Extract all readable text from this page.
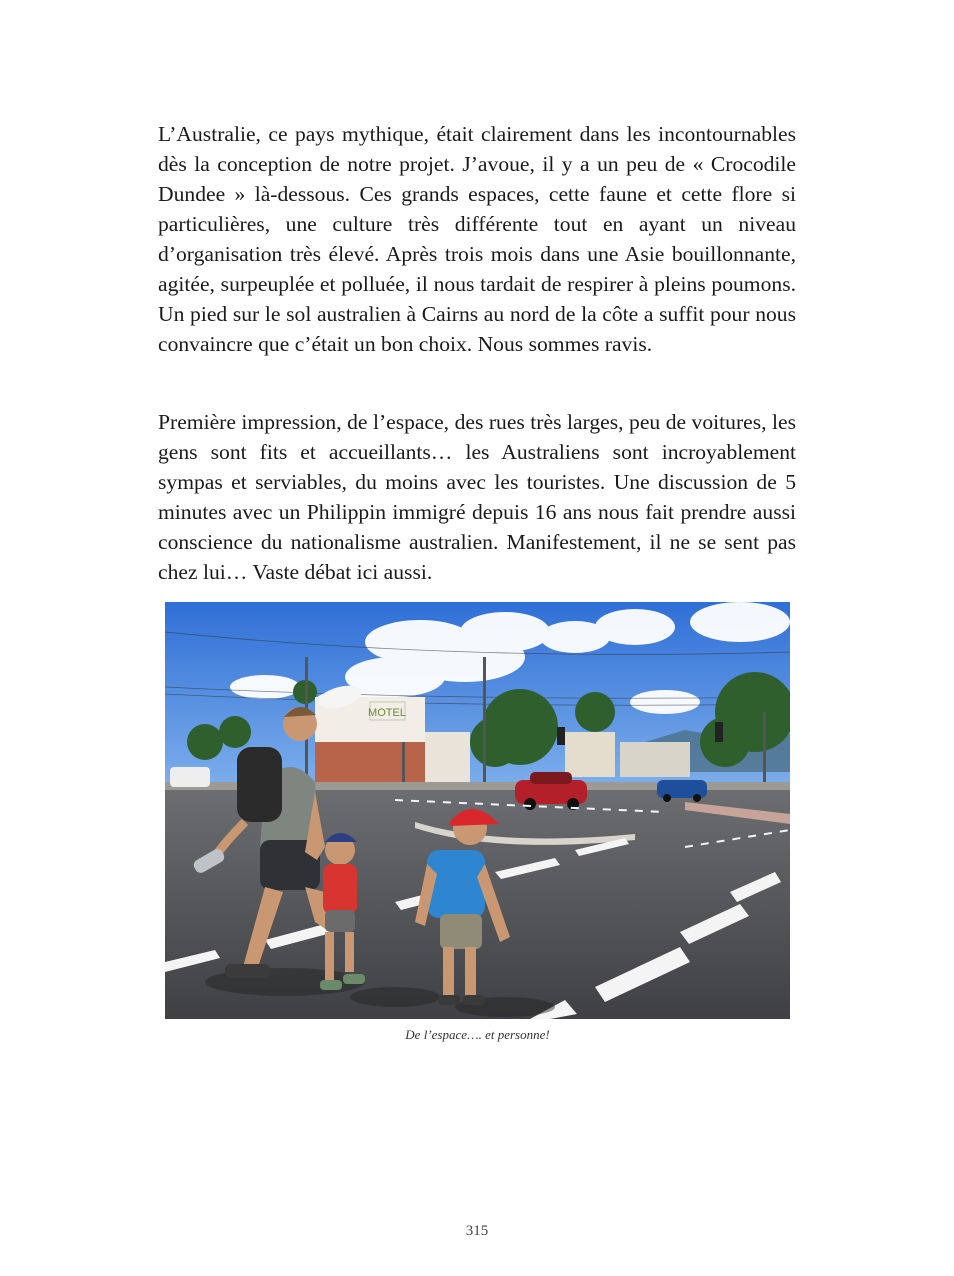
L’Australie, ce pays mythique, était clairement dans les incontournables dès la conception de notre projet. J’avoue, il y a un peu de « Crocodile Dundee » là-dessous. Ces grands espaces, cette faune et cette flore si particulières, une culture très différente tout en ayant un niveau d’organisation très élevé. Après trois mois dans une Asie bouillonnante, agitée, surpeuplée et polluée, il nous tardait de respirer à pleins poumons. Un pied sur le sol australien à Cairns au nord de la côte a suffit pour nous convaincre que c’était un bon choix. Nous sommes ravis.

Première impression, de l’espace, des rues très larges, peu de voitures, les gens sont fits et accueillants… les Australiens sont incroyablement sympas et serviables, du moins avec les touristes. Une discussion de 5 minutes avec un Philippin immigré depuis 16 ans nous fait prendre aussi conscience du nationalisme australien. Manifestement, il ne se sent pas chez lui… Vaste débat ici aussi.

MOTEL
De l’espace…. et personne!
315
